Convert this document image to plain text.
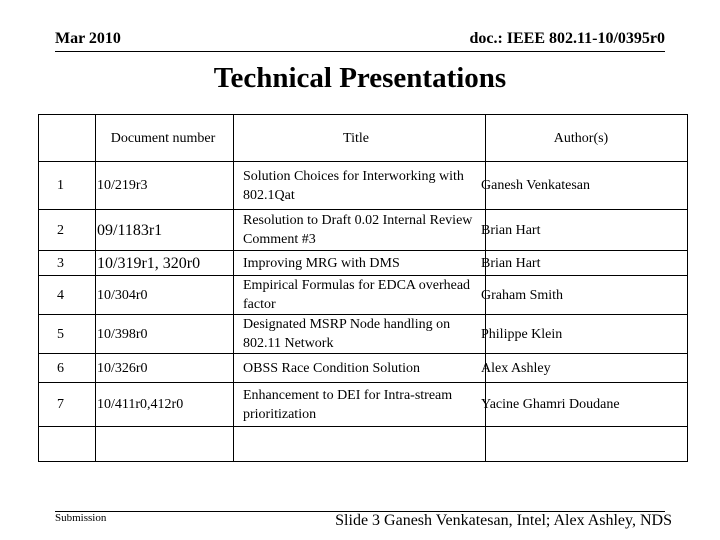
Mar 2010	doc.: IEEE 802.11-10/0395r0
Technical Presentations
	Document number	Title	Author(s)
1	10/219r3	Solution Choices for Interworking with 802.1Qat	Ganesh Venkatesan
2	09/1183r1	Resolution to Draft 0.02 Internal Review Comment #3	Brian Hart
3	10/319r1, 320r0	Improving MRG with DMS	Brian Hart
4	10/304r0	Empirical Formulas for EDCA overhead factor	Graham Smith
5	10/398r0	Designated MSRP Node handling on 802.11 Network	Philippe Klein
6	10/326r0	OBSS Race Condition Solution	Alex Ashley
7	10/411r0,412r0	Enhancement to DEI for Intra-stream prioritization	Yacine Ghamri Doudane

Submission	Slide 3 Ganesh Venkatesan, Intel; Alex Ashley, NDS
